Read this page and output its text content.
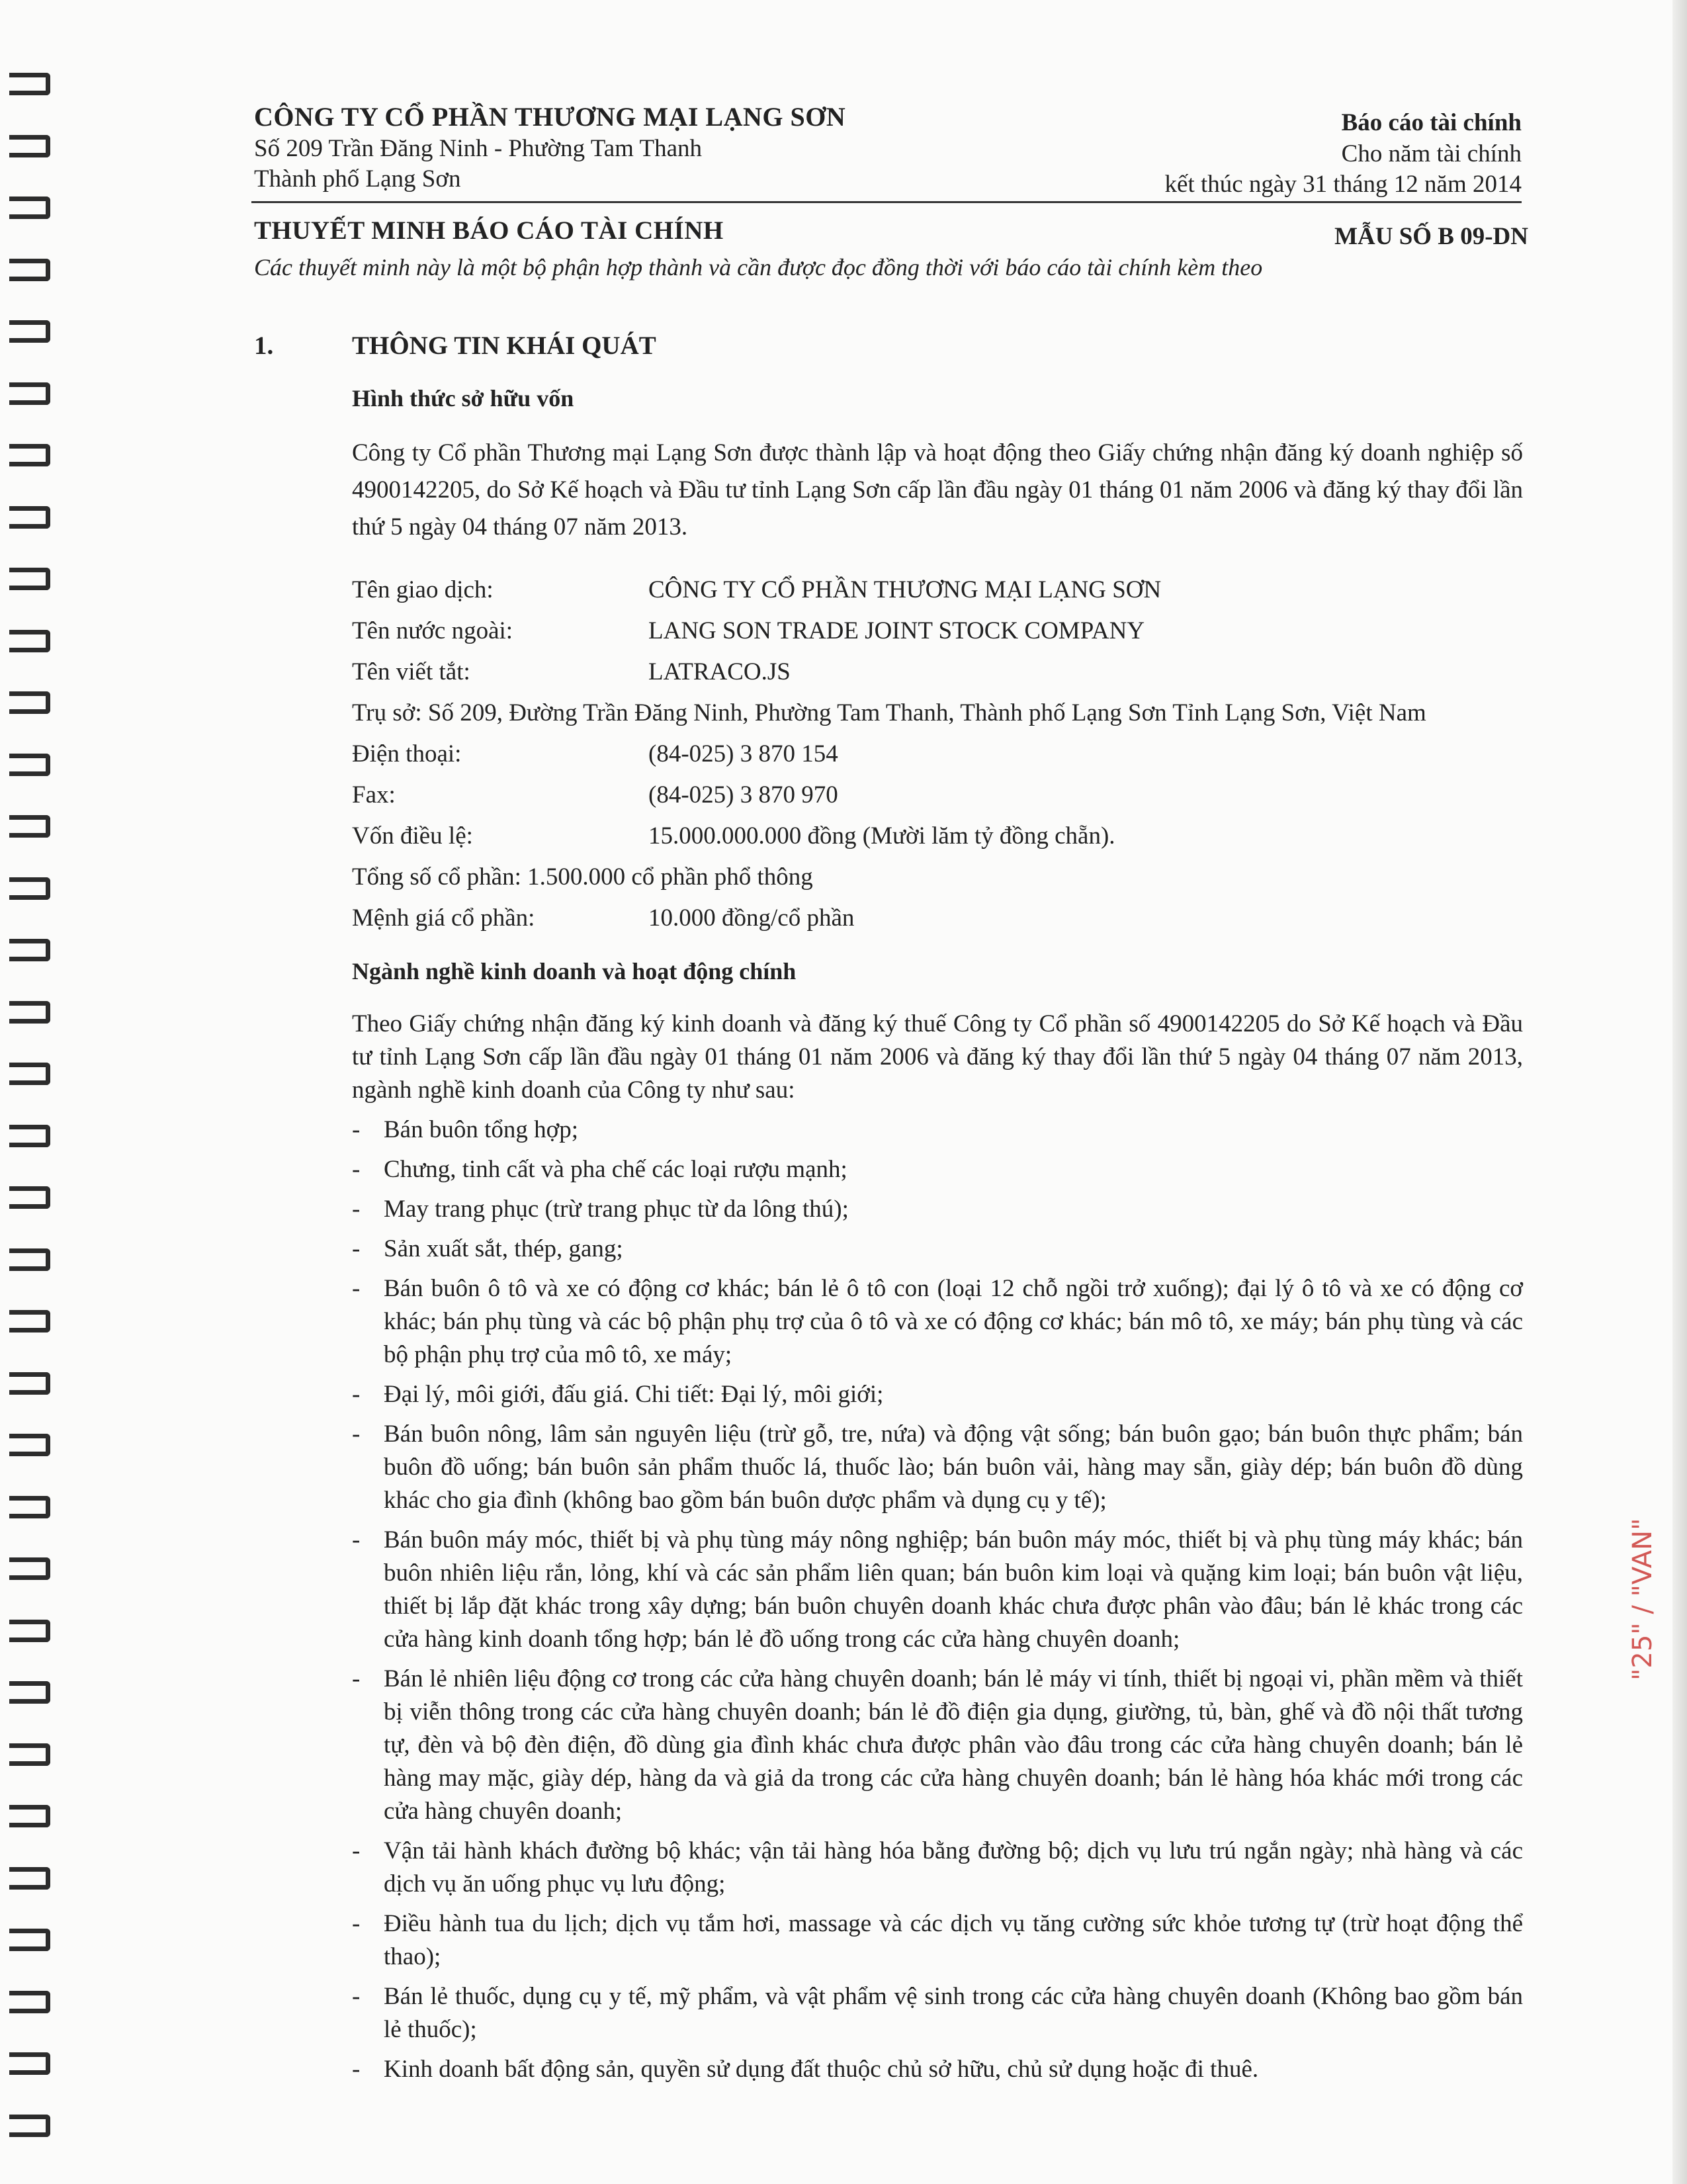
CÔNG TY CỔ PHẦN THƯƠNG MẠI LẠNG SƠN
Số 209 Trần Đăng Ninh - Phường Tam Thanh
Thành phố Lạng Sơn
Báo cáo tài chính
Cho năm tài chính
kết thúc ngày 31 tháng 12 năm 2014
THUYẾT MINH BÁO CÁO TÀI CHÍNH	MẪU SỐ B 09-DN
Các thuyết minh này là một bộ phận hợp thành và cần được đọc đồng thời với báo cáo tài chính kèm theo
1.	THÔNG TIN KHÁI QUÁT
Hình thức sở hữu vốn

Công ty Cổ phần Thương mại Lạng Sơn được thành lập và hoạt động theo Giấy chứng nhận đăng ký doanh nghiệp số 4900142205, do Sở Kế hoạch và Đầu tư tỉnh Lạng Sơn cấp lần đầu ngày 01 tháng 01 năm 2006 và đăng ký thay đổi lần thứ 5 ngày 04 tháng 07 năm 2013.

Tên giao dịch:	CÔNG TY CỔ PHẦN THƯƠNG MẠI LẠNG SƠN
Tên nước ngoài:	LANG SON TRADE JOINT STOCK COMPANY
Tên viết tắt:	LATRACO.JS
Trụ sở: Số 209, Đường Trần Đăng Ninh, Phường Tam Thanh, Thành phố Lạng Sơn Tỉnh Lạng Sơn, Việt Nam
Điện thoại:	(84-025) 3 870 154
Fax:	(84-025) 3 870 970
Vốn điều lệ:	15.000.000.000 đồng (Mười lăm tỷ đồng chẵn).
Tổng số cổ phần: 1.500.000 cổ phần phổ thông
Mệnh giá cổ phần:	10.000 đồng/cổ phần
Ngành nghề kinh doanh và hoạt động chính

Theo Giấy chứng nhận đăng ký kinh doanh và đăng ký thuế Công ty Cổ phần số 4900142205 do Sở Kế hoạch và Đầu tư tỉnh Lạng Sơn cấp lần đầu ngày 01 tháng 01 năm 2006 và đăng ký thay đổi lần thứ 5 ngày 04 tháng 07 năm 2013, ngành nghề kinh doanh của Công ty như sau:

- Bán buôn tổng hợp;
- Chưng, tinh cất và pha chế các loại rượu mạnh;
- May trang phục (trừ trang phục từ da lông thú);
- Sản xuất sắt, thép, gang;
- Bán buôn ô tô và xe có động cơ khác; bán lẻ ô tô con (loại 12 chỗ ngồi trở xuống); đại lý ô tô và xe có động cơ khác; bán phụ tùng và các bộ phận phụ trợ của ô tô và xe có động cơ khác; bán mô tô, xe máy; bán phụ tùng và các bộ phận phụ trợ của mô tô, xe máy;
- Đại lý, môi giới, đấu giá. Chi tiết: Đại lý, môi giới;
- Bán buôn nông, lâm sản nguyên liệu (trừ gỗ, tre, nứa) và động vật sống; bán buôn gạo; bán buôn thực phẩm; bán buôn đồ uống; bán buôn sản phẩm thuốc lá, thuốc lào; bán buôn vải, hàng may sẵn, giày dép; bán buôn đồ dùng khác cho gia đình (không bao gồm bán buôn dược phẩm và dụng cụ y tế);
- Bán buôn máy móc, thiết bị và phụ tùng máy nông nghiệp; bán buôn máy móc, thiết bị và phụ tùng máy khác; bán buôn nhiên liệu rắn, lỏng, khí và các sản phẩm liên quan; bán buôn kim loại và quặng kim loại; bán buôn vật liệu, thiết bị lắp đặt khác trong xây dựng; bán buôn chuyên doanh khác chưa được phân vào đâu; bán lẻ khác trong các cửa hàng kinh doanh tổng hợp; bán lẻ đồ uống trong các cửa hàng chuyên doanh;
- Bán lẻ nhiên liệu động cơ trong các cửa hàng chuyên doanh; bán lẻ máy vi tính, thiết bị ngoại vi, phần mềm và thiết bị viễn thông trong các cửa hàng chuyên doanh; bán lẻ đồ điện gia dụng, giường, tủ, bàn, ghế và đồ nội thất tương tự, đèn và bộ đèn điện, đồ dùng gia đình khác chưa được phân vào đâu trong các cửa hàng chuyên doanh; bán lẻ hàng may mặc, giày dép, hàng da và giả da trong các cửa hàng chuyên doanh; bán lẻ hàng hóa khác mới trong các cửa hàng chuyên doanh;
- Vận tải hành khách đường bộ khác; vận tải hàng hóa bằng đường bộ; dịch vụ lưu trú ngắn ngày; nhà hàng và các dịch vụ ăn uống phục vụ lưu động;
- Điều hành tua du lịch; dịch vụ tắm hơi, massage và các dịch vụ tăng cường sức khỏe tương tự (trừ hoạt động thể thao);
- Bán lẻ thuốc, dụng cụ y tế, mỹ phẩm, và vật phẩm vệ sinh trong các cửa hàng chuyên doanh (Không bao gồm bán lẻ thuốc);
- Kinh doanh bất động sản, quyền sử dụng đất thuộc chủ sở hữu, chủ sử dụng hoặc đi thuê.
"25" / "VAN"
